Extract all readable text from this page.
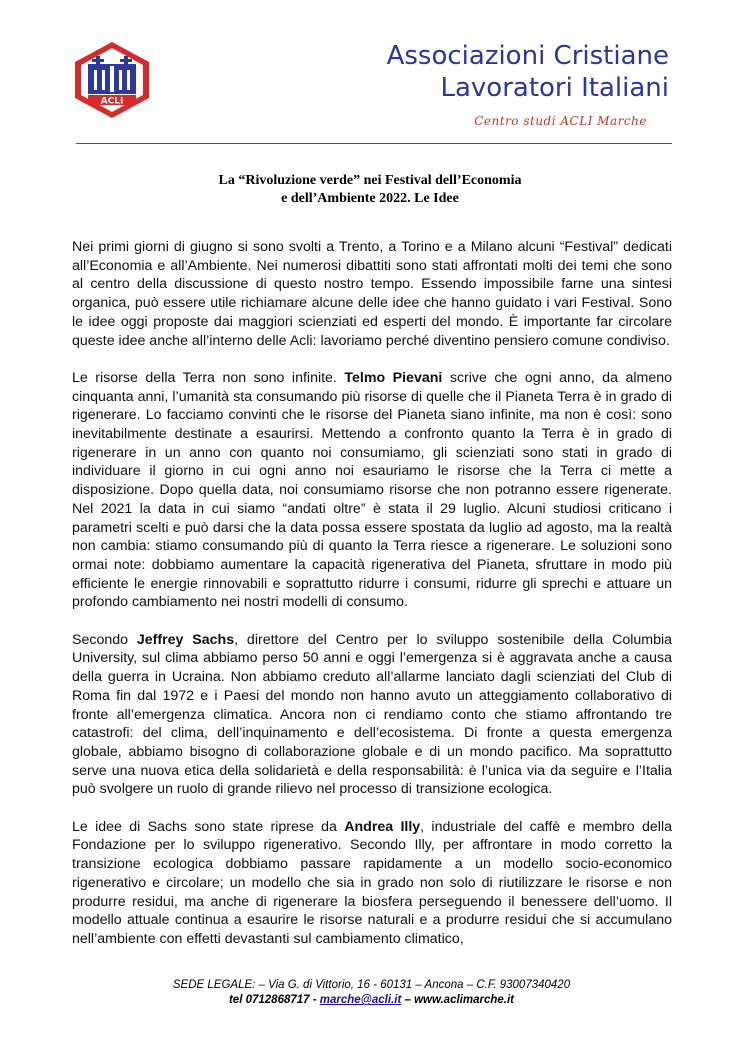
ACLI
Associazioni Cristiane
Lavoratori Italiani
Centro studi ACLI Marche
La “Rivoluzione verde” nei Festival dell’Economia
e dell’Ambiente 2022. Le Idee

Nei primi giorni di giugno si sono svolti a Trento, a Torino e a Milano alcuni “Festival” dedicati all’Economia e all’Ambiente. Nei numerosi dibattiti sono stati affrontati molti dei temi che sono al centro della discussione di questo nostro tempo. Essendo impossibile farne una sintesi organica, può essere utile richiamare alcune delle idee che hanno guidato i vari Festival. Sono le idee oggi proposte dai maggiori scienziati ed esperti del mondo. È importante far circolare queste idee anche all’interno delle Acli: lavoriamo perché diventino pensiero comune condiviso.

Le risorse della Terra non sono infinite. Telmo Pievani scrive che ogni anno, da almeno cinquanta anni, l’umanità sta consumando più risorse di quelle che il Pianeta Terra è in grado di rigenerare. Lo facciamo convinti che le risorse del Pianeta siano infinite, ma non è così: sono inevitabilmente destinate a esaurirsi. Mettendo a confronto quanto la Terra è in grado di rigenerare in un anno con quanto noi consumiamo, gli scienziati sono stati in grado di individuare il giorno in cui ogni anno noi esauriamo le risorse che la Terra ci mette a disposizione. Dopo quella data, noi consumiamo risorse che non potranno essere rigenerate. Nel 2021 la data in cui siamo “andati oltre” è stata il 29 luglio. Alcuni studiosi criticano i parametri scelti e può darsi che la data possa essere spostata da luglio ad agosto, ma la realtà non cambia: stiamo consumando più di quanto la Terra riesce a rigenerare. Le soluzioni sono ormai note: dobbiamo aumentare la capacità rigenerativa del Pianeta, sfruttare in modo più efficiente le energie rinnovabili e soprattutto ridurre i consumi, ridurre gli sprechi e attuare un profondo cambiamento nei nostri modelli di consumo.

Secondo Jeffrey Sachs, direttore del Centro per lo sviluppo sostenibile della Columbia University, sul clima abbiamo perso 50 anni e oggi l’emergenza si è aggravata anche a causa della guerra in Ucraina. Non abbiamo creduto all’allarme lanciato dagli scienziati del Club di Roma fin dal 1972 e i Paesi del mondo non hanno avuto un atteggiamento collaborativo di fronte all’emergenza climatica. Ancora non ci rendiamo conto che stiamo affrontando tre catastrofi: del clima, dell’inquinamento e dell’ecosistema. Di fronte a questa emergenza globale, abbiamo bisogno di collaborazione globale e di un mondo pacifico. Ma soprattutto serve una nuova etica della solidarietà e della responsabilità: è l’unica via da seguire e l’Italia può svolgere un ruolo di grande rilievo nel processo di transizione ecologica.

Le idee di Sachs sono state riprese da Andrea Illy, industriale del caffè e membro della Fondazione per lo sviluppo rigenerativo. Secondo Illy, per affrontare in modo corretto la transizione ecologica dobbiamo passare rapidamente a un modello socio-economico rigenerativo e circolare; un modello che sia in grado non solo di riutilizzare le risorse e non produrre residui, ma anche di rigenerare la biosfera perseguendo il benessere dell’uomo. Il modello attuale continua a esaurire le risorse naturali e a produrre residui che si accumulano nell’ambiente con effetti devastanti sul cambiamento climatico,

SEDE LEGALE: – Via G. di Vittorio, 16 - 60131 – Ancona – C.F. 93007340420
tel 0712868717 - marche@acli.it – www.aclimarche.it
